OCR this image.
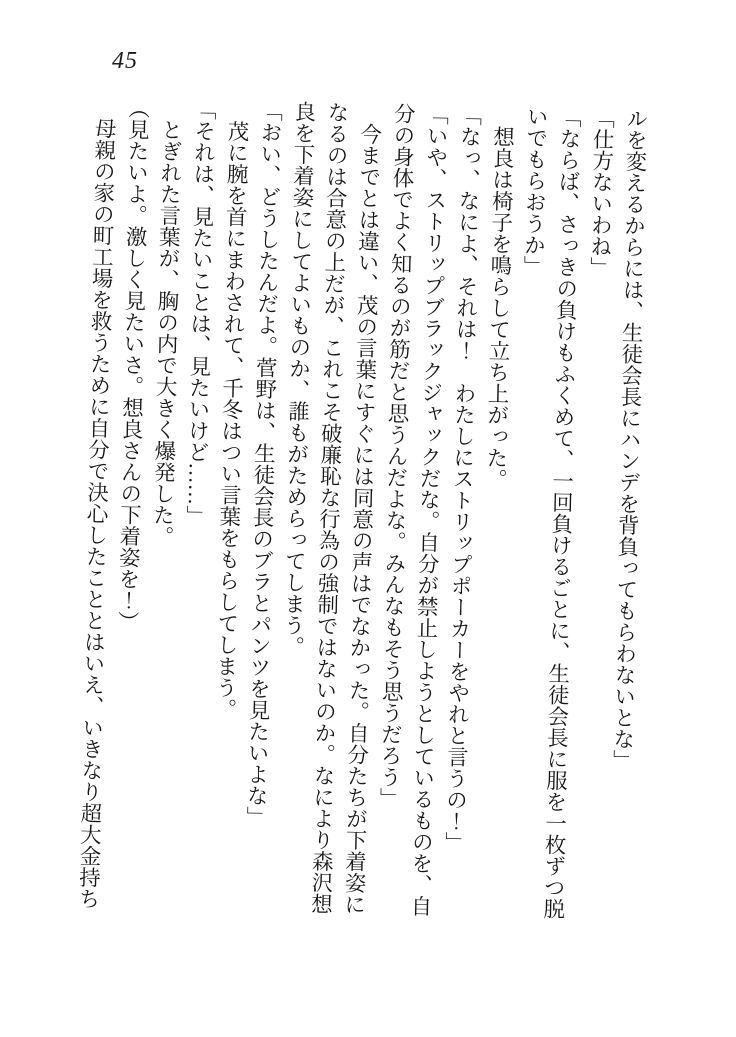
45

ルを変えるからには、生徒会長にハンデを背負ってもらわないとな」

「仕方ないわね」

「ならば、さっきの負けもふくめて、一回負けるごとに、生徒会長に服を一枚ずつ脱いでもらおうか」

想良は椅子を鳴らして立ち上がった。

「なっ、なによ、それは！　わたしにストリップポーカーをやれと言うの！」

「いや、ストリップブラックジャックだな。自分が禁止しようとしているものを、自分の身体でよく知るのが筋だと思うんだよな。みんなもそう思うだろう」

今までとは違い、茂の言葉にすぐには同意の声はでなかった。自分たちが下着姿になるのは合意の上だが、これこそ破廉恥な行為の強制ではないのか。なにより森沢想良を下着姿にしてよいものか、誰もがためらってしまう。

「おい、どうしたんだよ。菅野は、生徒会長のブラとパンツを見たいよな」

茂に腕を首にまわされて、千冬はつい言葉をもらしてしまう。

「それは、見たいことは、見たいけど……」

とぎれた言葉が、胸の内で大きく爆発した。

（見たいよ。激しく見たいさ。想良さんの下着姿を！）

母親の家の町工場を救うために自分で決心したこととはいえ、いきなり超大金持ち
